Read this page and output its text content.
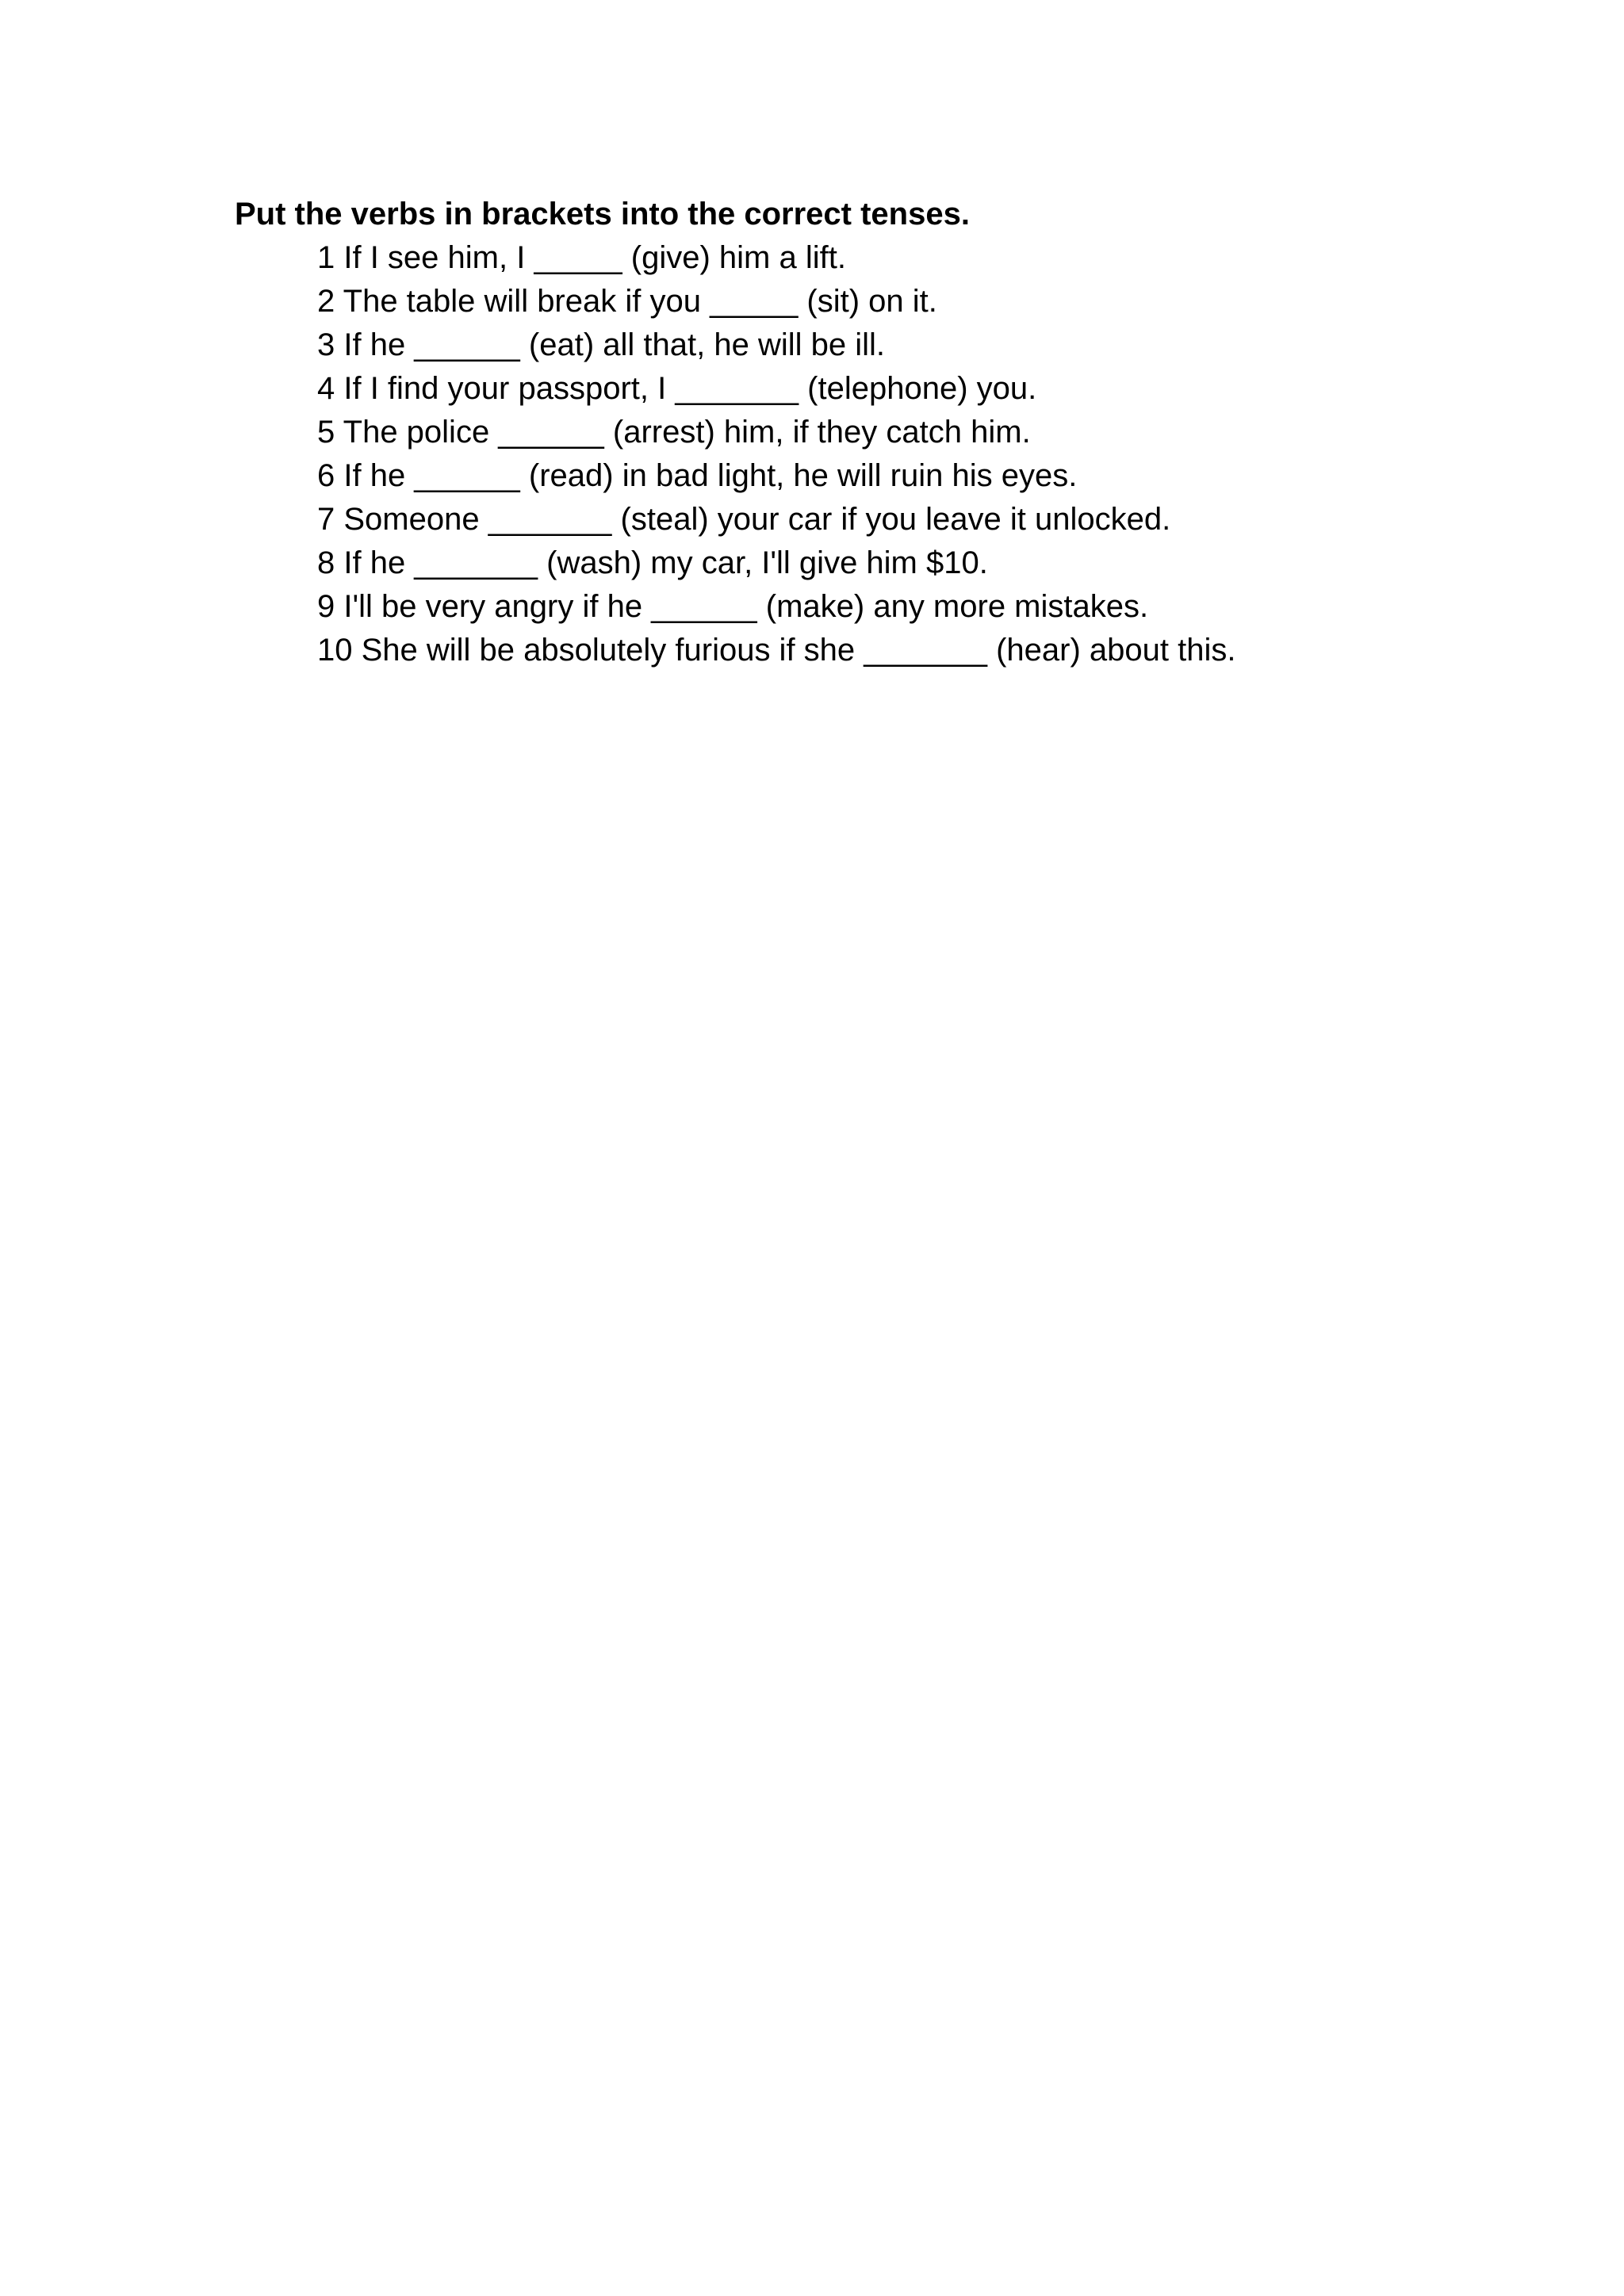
Put the verbs in brackets into the correct tenses.
1 If I see him, I _____ (give) him a lift.
2 The table will break if you _____ (sit) on it.
3 If he ______ (eat) all that, he will be ill.
4 If I find your passport, I _______ (telephone) you.
5 The police ______ (arrest) him, if they catch him.
6 If he ______ (read) in bad light, he will ruin his eyes.
7 Someone _______ (steal) your car if you leave it unlocked.
8 If he _______ (wash) my car, I'll give him $10.
9 I'll be very angry if he ______ (make) any more mistakes.
10 She will be absolutely furious if she _______ (hear) about this.
